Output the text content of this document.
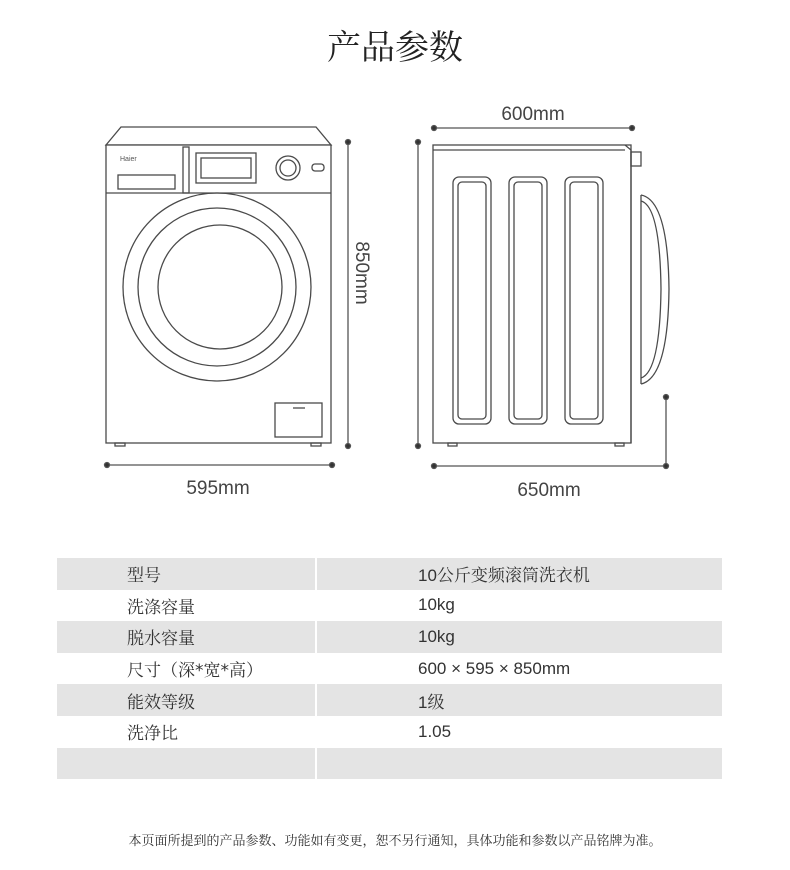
产品参数
Haier
595mm
850mm
600mm
650mm
型号	10公斤变频滚筒洗衣机
洗涤容量	10kg
脱水容量	10kg
尺寸（深*宽*高）	600 × 595 × 850mm
能效等级	1级
洗净比	1.05
本页面所提到的产品参数、功能如有变更，恕不另行通知，具体功能和参数以产品铭牌为准。
